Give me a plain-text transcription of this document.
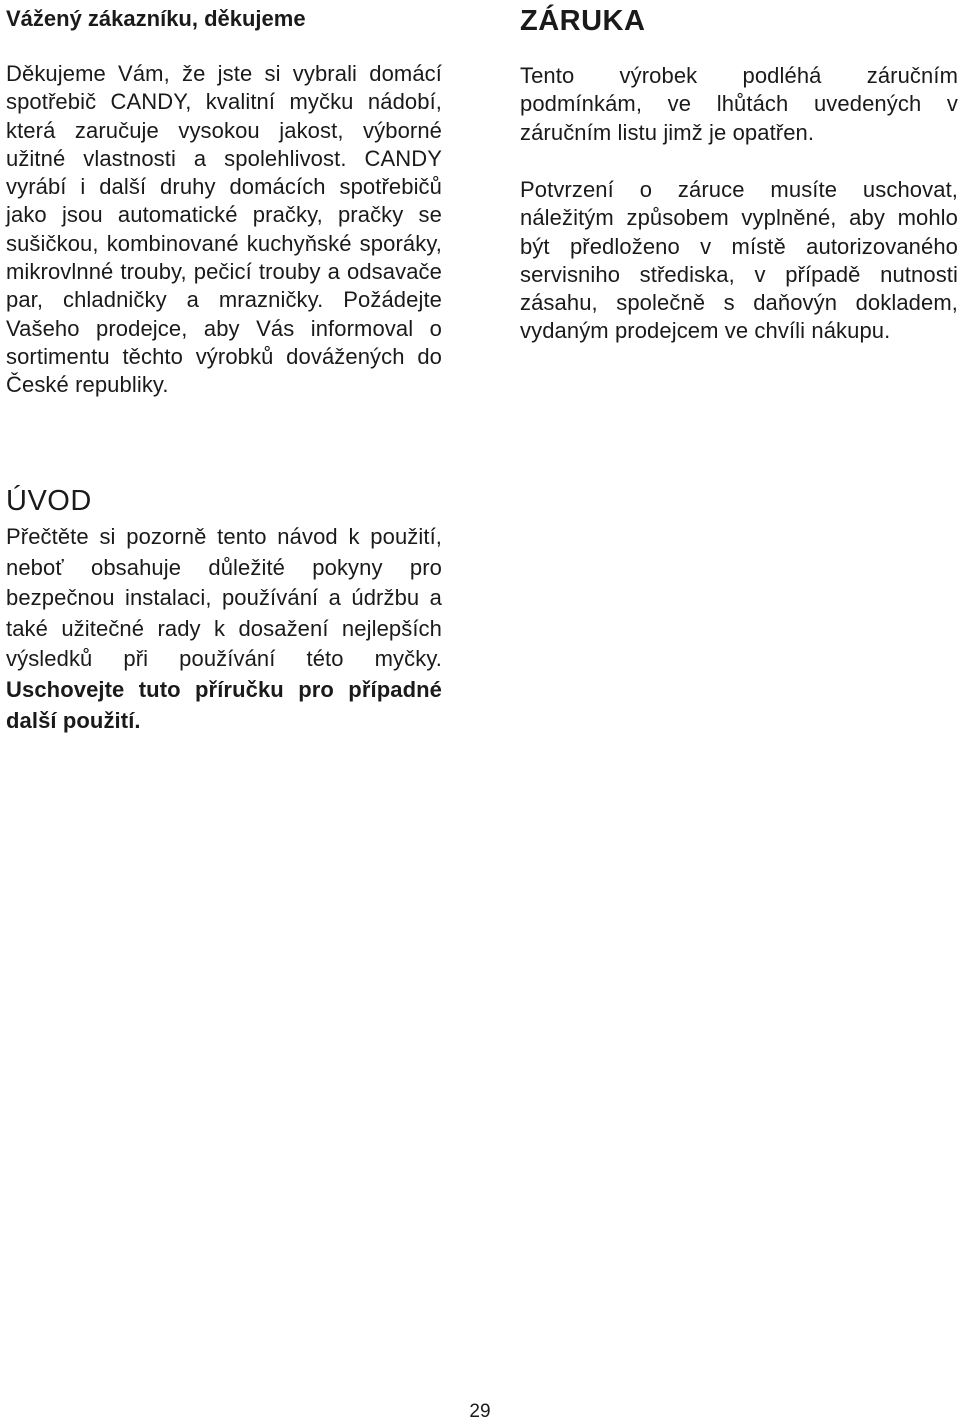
Vážený zákazníku, děkujeme

Děkujeme Vám, že jste si vybrali domácí spotřebič CANDY, kvalitní myčku nádobí, která zaručuje vysokou jakost, výborné užitné vlastnosti a spolehlivost. CANDY vyrábí i další druhy domácích spotřebičů jako jsou automatické pračky, pračky se sušičkou, kombinované kuchyňské sporáky, mikrovlnné trouby, pečicí trouby a odsavače par, chladničky a mrazničky. Požádejte Vašeho prodejce, aby Vás informoval o sortimentu těchto výrobků dovážených do České republiky.

ÚVOD

Přečtěte si pozorně tento návod k použití, neboť obsahuje důležité pokyny pro bezpečnou instalaci, používání a údržbu a také užitečné rady k dosažení nejlepších výsledků při používání této myčky. Uschovejte tuto příručku pro případné další použití.

ZÁRUKA

Tento výrobek podléhá záručním podmínkám, ve lhůtách uvedených v záručním listu jimž je opatřen.

Potvrzení o záruce musíte uschovat, náležitým způsobem vyplněné, aby mohlo být předloženo v místě autorizovaného servisniho střediska, v případě nutnosti zásahu, společně s daňovýn dokladem, vydaným prodejcem ve chvíli nákupu.

29
